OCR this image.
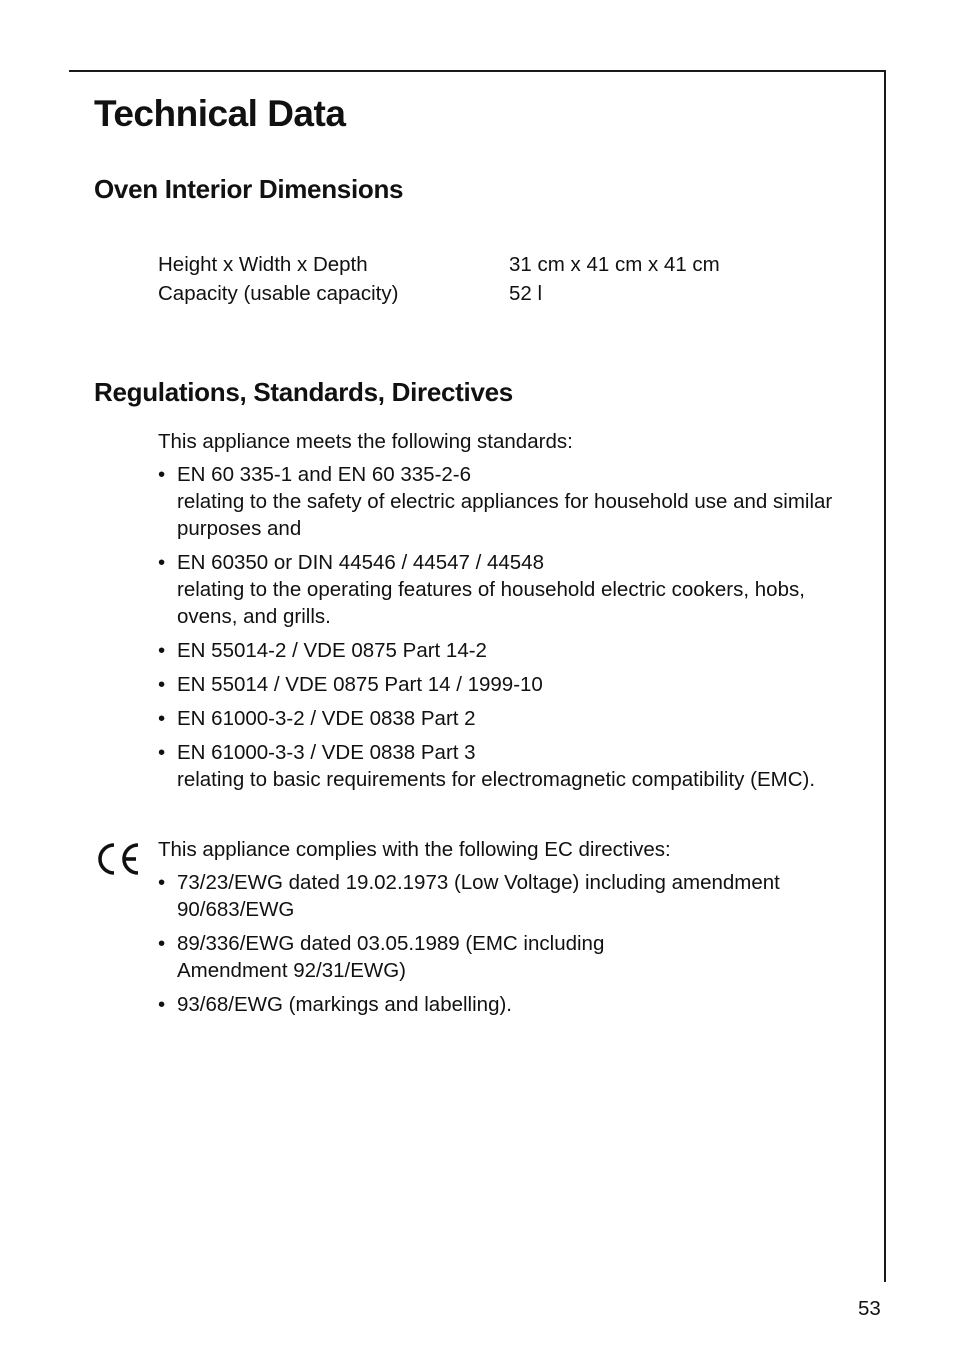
Technical Data
Oven Interior Dimensions
Height x Width x Depth	31 cm x 41 cm x 41 cm
Capacity (usable capacity)	52 l
Regulations, Standards, Directives

This appliance meets the following standards:

• EN 60 335-1 and EN 60 335-2-6
relating to the safety of electric appliances for household use and similar purposes and
• EN 60350 or DIN 44546 / 44547 / 44548
relating to the operating features of household electric cookers, hobs, ovens, and grills.
• EN 55014-2 / VDE 0875 Part 14-2
• EN 55014 / VDE 0875 Part 14 / 1999-10
• EN 61000-3-2 / VDE 0838 Part 2
• EN 61000-3-3 / VDE 0838 Part 3
relating to basic requirements for electromagnetic compatibility (EMC).

This appliance complies with the following EC directives:

• 73/23/EWG dated 19.02.1973 (Low Voltage) including amendment 90/683/EWG
• 89/336/EWG dated 03.05.1989 (EMC including
Amendment 92/31/EWG)
• 93/68/EWG (markings and labelling).
53
